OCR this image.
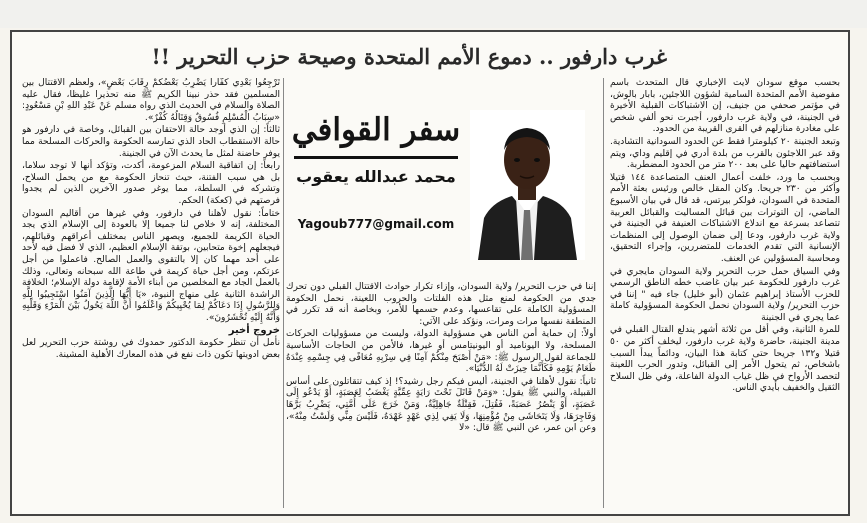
غرب دارفور .. دموع الأمم المتحدة وصيحة حزب التحرير !!

بحسب موقع سودان لايت الإخباري قال المتحدث باسم مفوضية الأمم المتحدة السامية لشؤون اللاجئين، بابار بالوش، في مؤتمر صحفي من جنيف، إن الاشتباكات القبلية الأخيرة في الجنينة، في ولاية غرب دارفور، أجبرت نحو ألفي شخص على مغادرة منازلهم في القرى القريبة من الحدود.

وتبعد الجنينة ٢٠ كيلومترا فقط عن الحدود السودانية التشادية. وقد عبر اللاجئون بالقرب من بلدة أدري في إقليم وداي، ويتم استضافتهم حاليا على بعد ٢٠٠ متر من الحدود المضطربة.

وبحسب ما ورد، خلفت أعمال العنف المتصاعدة ١٤٤ قتيلا وأكثر من ٢٣٠ جريحا. وكان المقل خالص ورئيس بعثة الأمم المتحدة في السودان، فولكر بيرتس، قد قال في بيان الأسبوع الماضي، إن التوترات بين قبائل المساليت والقبائل العربية تتصاعد بسرعة مع اندلاع الاشتباكات العنيفة في الجنينة في ولاية غرب دارفور، ودعا إلى ضمان الوصول إلى المنظمات الإنسانية التي تقدم الخدمات للمتضررين، وإجراء التحقيق، ومحاسبة المسؤولين عن العنف.

وفي السياق حمل حزب التحرير ولاية السودان مايجري في غرب دارفور للحكومة عبر بيان غاضب خطه الناطق الرسمي للحزب الأستاذ إبراهيم عثمان (أبو خليل) جاء فيه " إننا في حزب التحرير/ ولاية السودان نحمل الحكومة المسؤولية كاملة عما يجري في الجنينة

للمرة الثانية، وفي أقل من ثلاثة أشهر يندلع القتال القبلي في مدينة الجنينة، حاضرة ولاية غرب دارفور، ليخلف أكثر من ٥٠ قتيلا و١٣٢ جريحا حتى كتابة هذا البيان، ودائماً يبدأ السبب باشخاص، ثم يتحول الأمر إلى القبائل، وتدور الحرب اللعينة لتحصد الأرواح في ظل غياب الدولة الفاعلة، وفي ظل السلاح الثقيل والخفيف بأيدي الناس.

سفر القوافي
محمد عبدالله يعقوب
Yagoub777@gmail.com

إننا في حزب التحرير/ ولاية السودان، وإزاء تكرار حوادث الاقتتال القبلي دون تحرك جدي من الحكومة لمنع مثل هذه الفلتات والحروب اللعينة، نحمل الحكومة المسؤولية الكاملة على تقاعسها، وعدم حسمها للأمر، وبخاصة أنه قد تكرر في المنطقة نفسها مرات ومرات، ونؤكد على الآتي:

أولاً: إن حماية أمن الناس هي مسؤولية الدولة، وليست من مسؤوليات الحركات المسلحة، ولا اليوناميد أو اليونيتامس أو غيرها، فالأمن من الحاجات الأساسية للجماعة لقول الرسول ﷺ: «مَنْ أَصْبَحَ مِنْكُمْ آمِنًا فِي سِرْبِهِ مُعَافًى فِي جِسْمِهِ عِنْدَهُ طَعَامُ يَوْمِهِ فَكَأَنَّمَا حِيزَتْ لَهُ الدُّنْيَا».

ثانياً: نقول لأهلنا في الجنينة، أليس فيكم رجل رشيد؟! إذ كيف تتقاتلون على أساس القبيلة، والنبي ﷺ يقول: «وَمَنْ قَاتَلَ تَحْتَ رَايَةٍ عِمِّيَّةٍ يَغْضَبُ لِعَصَبَةٍ، أَوْ يَدْعُو إِلَى عَصَبَةٍ، أَوْ يَنْصُرُ عَصَبَةً، فَقُتِلَ، فَقِتْلَةٌ جَاهِلِيَّةٌ، وَمَنْ خَرَجَ عَلَى أُمَّتِي، يَضْرِبُ بَرَّهَا وَفَاجِرَهَا، وَلَا يَتَحَاشَى مِنْ مُؤْمِنِهَا، وَلَا يَفِي لِذِي عَهْدٍ عَهْدَهُ، فَلَيْسَ مِنِّي وَلَسْتُ مِنْهُ»، وعن ابن عمر، عن النبي ﷺ قال: «لا

تَرْجِعُوا بَعْدِي كُفَّاراً يَضْرِبُ بَعْضُكُمْ رِقَابَ بَعْضٍ»، ولعظم الاقتتال بين المسلمين فقد حذر نبينا الكريم ﷺ منه تحذيرا غليظا، فقال عليه الصلاة والسلام في الحديث الذي رواه مسلم عَنْ عَبْدِ اللهِ بْنِ مَسْعُودٍ: «سِبَابُ الْمُسْلِمِ فُسُوقٌ وَقِتَالُهُ كُفْرٌ».

ثالثاً: إن الذي أوجد حالة الاحتقان بين القبائل، وخاصة في دارفور هو حالة الاستقطاب الحاد الذي تمارسه الحكومة والحركات المسلحة مما يوفر حاضنة لمثل ما يحدث الآن في الجنينة.

رابعاً: إن اتفاقية السلام المزعومة، أكدت، وتؤكد أنها لا توجد سلاما، بل هي سبب الفتنة، حيث تنحاز الحكومة مع من يحمل السلاح، وتشركه في السلطة، مما يوغر صدور الآخرين الذين لم يجدوا فرصتهم في (كعكة) الحكم.

ختاماً: نقول لأهلنا في دارفور، وفي غيرها من أقاليم السودان المختلفة، إنه لا خلاص لنا جميعا إلا بالعودة إلى الإسلام الذي يجد الحياة الكريمة للجميع، ويصهر الناس بمختلف أعراقهم وقبائلهم، فيجعلهم إخوة متحابين، بوتقة الإسلام العظيم، الذي لا فضل فيه لأحد على أحد مهما كان إلا بالتقوى والعمل الصالح. فاعملوا من أجل عزتكم، ومن أجل حياة كريمة في طاعة الله سبحانه وتعالى، وذلك بالعمل الجاد مع المخلصين من أبناء الأمة لإقامة دولة الإسلام؛ الخلافة الراشدة الثانية على منهاج النبوة، «يَا أَيُّهَا الَّذِينَ آمَنُوا اسْتَجِيبُوا لِلَّهِ وَلِلرَّسُولِ إِذَا دَعَاكُمْ لِمَا يُحْيِيكُمْ وَاعْلَمُوا أَنَّ اللَّهَ يَحُولُ بَيْنَ الْمَرْءِ وَقَلْبِهِ وَأَنَّهُ إِلَيْهِ تُحْشَرُونَ».

خروج أخير

نأمل أن تنظر حكومة الدكتور حمدوك في روشتة حزب التحرير لعل بعض ادويتها تكون ذات نفع في هذه المعارك الأهلية المشينة.
